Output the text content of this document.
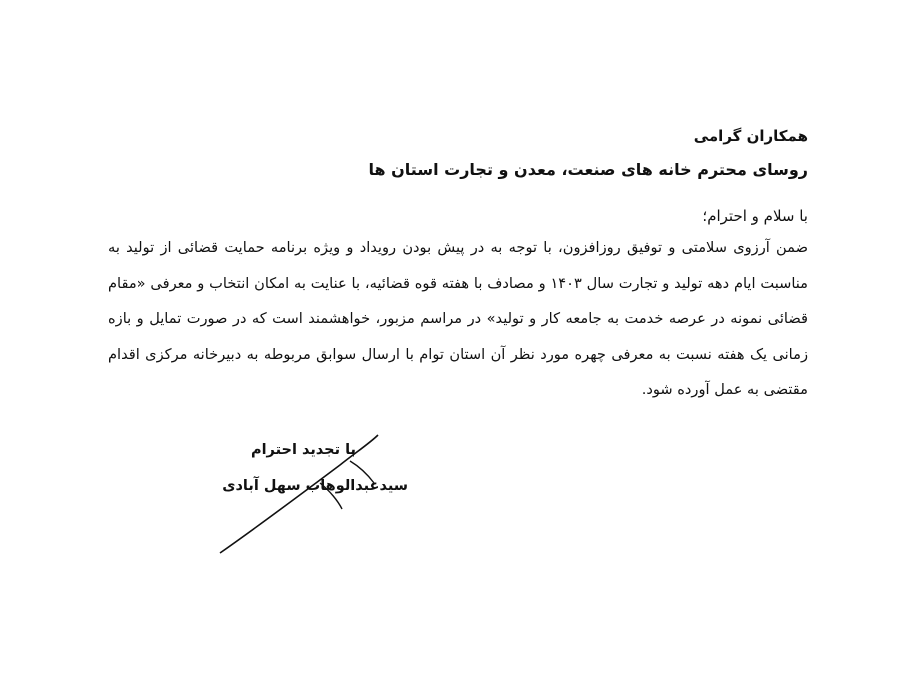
همکاران گرامی
روسای محترم خانه های صنعت، معدن و تجارت استان ها
با سلام و احترام؛
ضمن آرزوی سلامتی و توفیق روزافزون، با توجه به در پیش بودن رویداد و ویژه برنامه حمایت قضائی از تولید به مناسبت ایام دهه تولید و تجارت سال ۱۴۰۳ و مصادف با هفته قوه قضائیه، با عنایت به امکان انتخاب و معرفی «مقام قضائی نمونه در عرصه خدمت به جامعه کار و تولید» در مراسم مزبور، خواهشمند است که در صورت تمایل و بازه زمانی یک هفته نسبت به معرفی چهره مورد نظر آن استان توام با ارسال سوابق مربوطه به دبیرخانه مرکزی اقدام مقتضی به عمل آورده شود.
با تجدید احترام
سیدعبدالوهاب سهل آبادی
